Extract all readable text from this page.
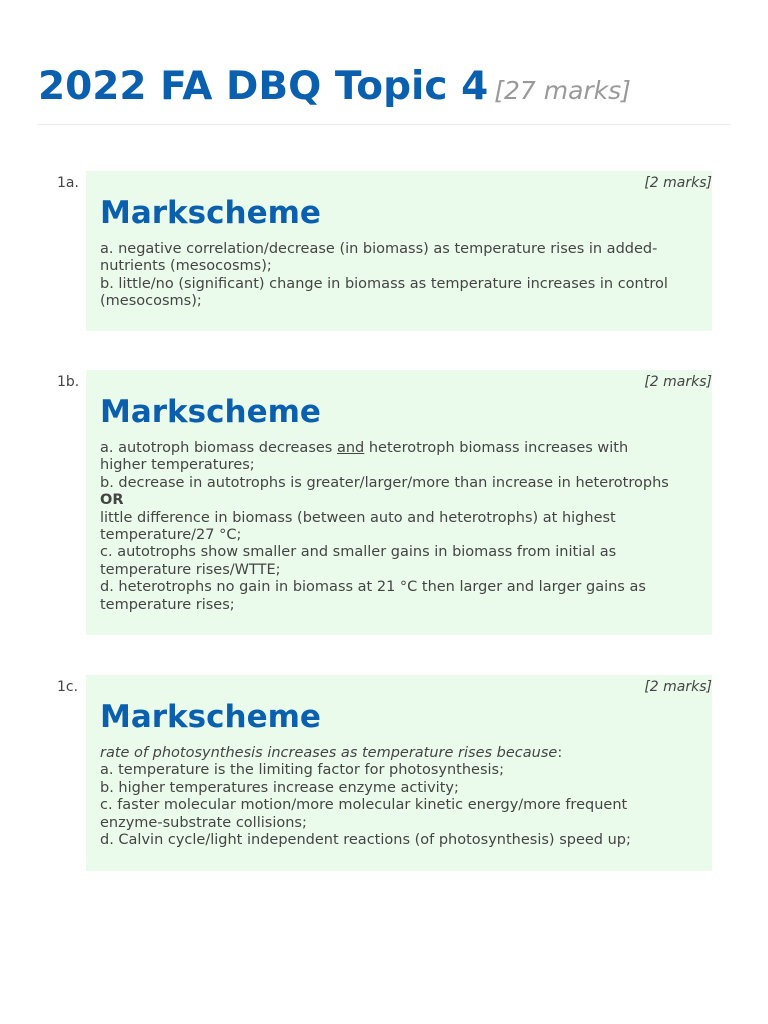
2022 FA DBQ Topic 4 [27 marks]
1a.	[2 marks]
Markscheme
a. negative correlation/decrease (in biomass) as temperature rises in added-
nutrients (mesocosms);
b. little/no (significant) change in biomass as temperature increases in control
(mesocosms);
1b.	[2 marks]
Markscheme
a. autotroph biomass decreases and heterotroph biomass increases with
higher temperatures;
b. decrease in autotrophs is greater/larger/more than increase in heterotrophs
OR
little difference in biomass (between auto and heterotrophs) at highest
temperature/27 °C;
c. autotrophs show smaller and smaller gains in biomass from initial as
temperature rises/WTTE;
d. heterotrophs no gain in biomass at 21 °C then larger and larger gains as
temperature rises;
1c.	[2 marks]
Markscheme
rate of photosynthesis increases as temperature rises because:
a. temperature is the limiting factor for photosynthesis;
b. higher temperatures increase enzyme activity;
c. faster molecular motion/more molecular kinetic energy/more frequent
enzyme-substrate collisions;
d. Calvin cycle/light independent reactions (of photosynthesis) speed up;
